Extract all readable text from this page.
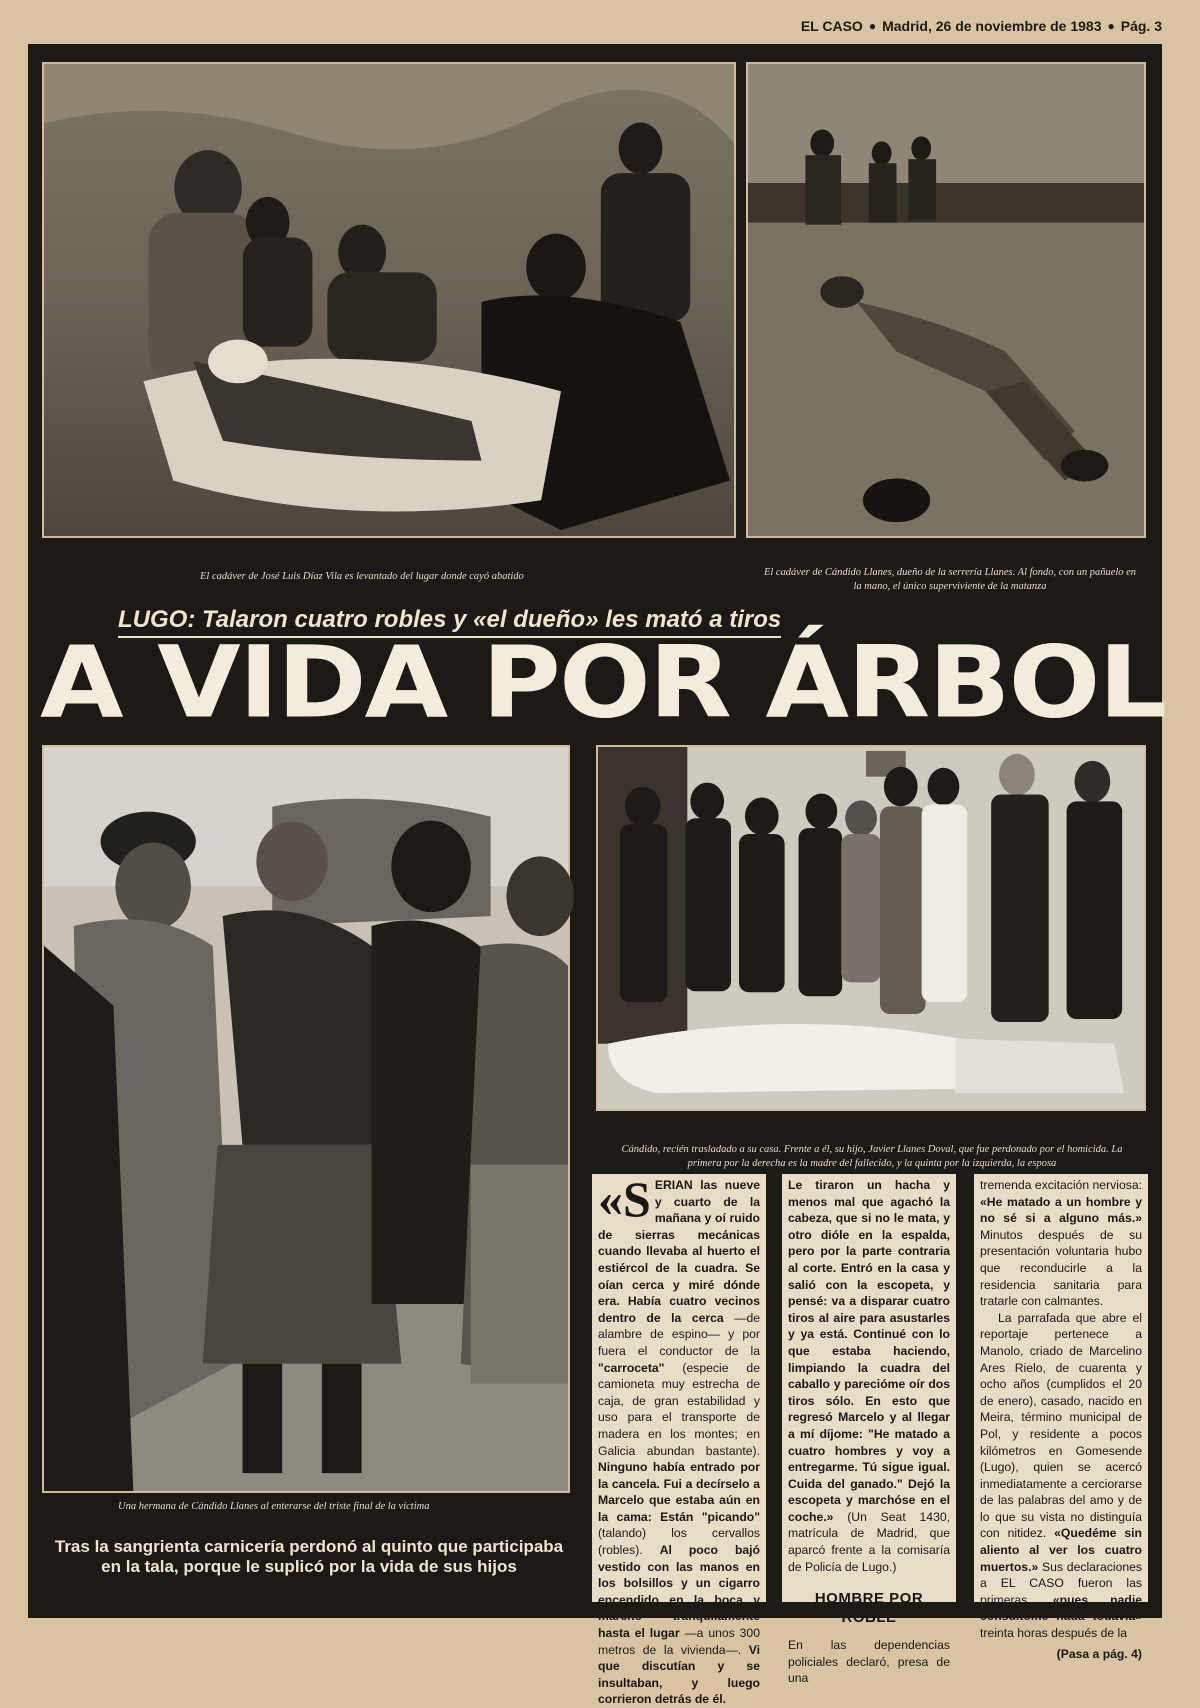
EL CASO ● Madrid, 26 de noviembre de 1983 ● Pág. 3
El cadáver de José Luis Díaz Vila es levantado del lugar donde cayó abatido	El cadáver de Cándido Llanes, dueño de la serrería Llanes. Al fondo, con un pañuelo en la mano, el único superviviente de la matanza
LUGO: Talaron cuatro robles y «el dueño» les mató a tiros
A VIDA POR ÁRBOL
Una hermana de Cándido Llanes al enterarse del triste final de la víctima
Tras la sangrienta carnicería perdonó al quinto que participaba en la tala, porque le suplicó por la vida de sus hijos
Cándido, recién trasladado a su casa. Frente a él, su hijo, Javier Llanes Doval, que fue perdonado por el homicida. La primera por la derecha es la madre del fallecido, y la quinta por la izquierda, la esposa
«S ERIAN las nueve y cuarto de la mañana y oí ruido de sierras mecánicas cuando llevaba al huerto el estiércol de la cuadra. Se oían cerca y miré dónde era. Había cuatro vecinos dentro de la cerca —de alambre de espino— y por fuera el conductor de la "carroceta" (especie de camioneta muy estrecha de caja, de gran estabilidad y uso para el transporte de madera en los montes; en Galicia abundan bastante). Ninguno había entrado por la cancela. Fui a decírselo a Marcelo que estaba aún en la cama: Están "picando" (talando) los cervallos (robles). Al poco bajó vestido con las manos en los bolsillos y un cigarro encendido en la boca y marchó tranquilamente hasta el lugar —a unos 300 metros de la vivienda—. Vi que discutían y se insultaban, y luego corrieron detrás de él.
Le tiraron un hacha y menos mal que agachó la cabeza, que si no le mata, y otro dióle en la espalda, pero por la parte contraria al corte. Entró en la casa y salió con la escopeta, y pensé: va a disparar cuatro tiros al aire para asustarles y ya está. Continué con lo que estaba haciendo, limpiando la cuadra del caballo y parecióme oír dos tiros sólo. En esto que regresó Marcelo y al llegar a mí díjome: "He matado a cuatro hombres y voy a entregarme. Tú sigue igual. Cuida del ganado." Dejó la escopeta y marchóse en el coche.» (Un Seat 1430, matrícula de Madrid, que aparcó frente a la comisaría de Policía de Lugo.)
HOMBRE POR ROBLE
En las dependencias policiales declaró, presa de una
tremenda excitación nerviosa: «He matado a un hombre y no sé si a alguno más.» Minutos después de su presentación voluntaria hubo que reconducirle a la residencia sanitaria para tratarle con calmantes.
La parrafada que abre el reportaje pertenece a Manolo, criado de Marcelino Ares Rielo, de cuarenta y ocho años (cumplidos el 20 de enero), casado, nacido en Meira, término municipal de Pol, y residente a pocos kilómetros en Gomesende (Lugo), quien se acercó inmediatamente a cerciorarse de las palabras del amo y de lo que su vista no distinguía con nitidez. «Quedéme sin aliento al ver los cuatro muertos.» Sus declaraciones a EL CASO fueron las primeras, «pues nadie consultóme nada todavía» treinta horas después de la
(Pasa a pág. 4)
